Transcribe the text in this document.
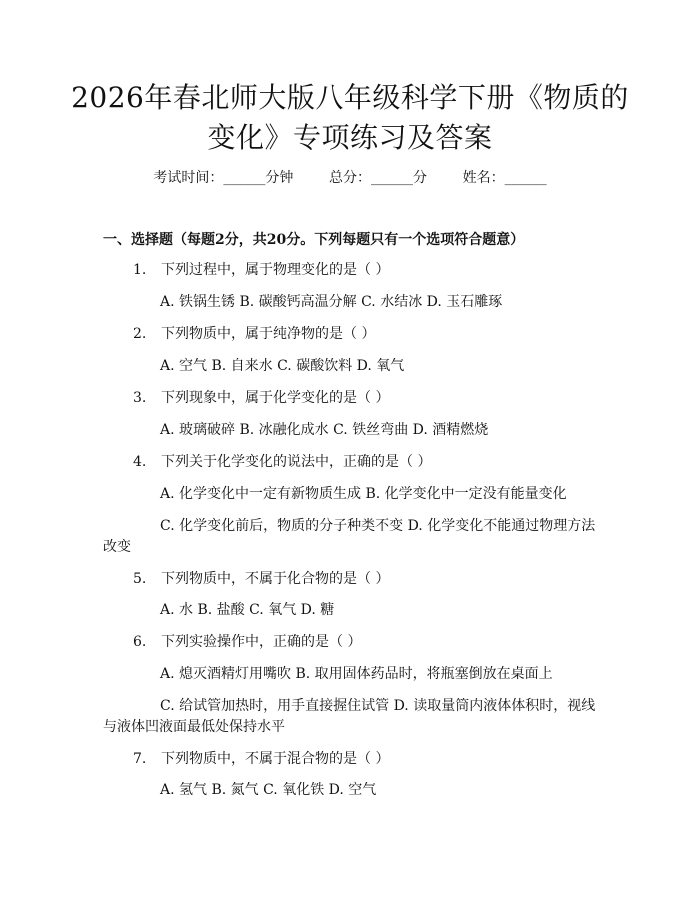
2026年春北师大版八年级科学下册《物质的
变化》专项练习及答案
考试时间：______分钟	总分：______分	姓名：______
一、选择题（每题2分，共20分。下列每题只有一个选项符合题意）
1. 下列过程中，属于物理变化的是（ ）
A. 铁锅生锈 B. 碳酸钙高温分解 C. 水结冰 D. 玉石雕琢
2. 下列物质中，属于纯净物的是（ ）
A. 空气 B. 自来水 C. 碳酸饮料 D. 氧气
3. 下列现象中，属于化学变化的是（ ）
A. 玻璃破碎 B. 冰融化成水 C. 铁丝弯曲 D. 酒精燃烧
4. 下列关于化学变化的说法中，正确的是（ ）
A. 化学变化中一定有新物质生成 B. 化学变化中一定没有能量变化
C. 化学变化前后，物质的分子种类不变 D. 化学变化不能通过物理方法
改变
5. 下列物质中，不属于化合物的是（ ）
A. 水 B. 盐酸 C. 氧气 D. 糖
6. 下列实验操作中，正确的是（ ）
A. 熄灭酒精灯用嘴吹 B. 取用固体药品时，将瓶塞倒放在桌面上
C. 给试管加热时，用手直接握住试管 D. 读取量筒内液体体积时，视线
与液体凹液面最低处保持水平
7. 下列物质中，不属于混合物的是（ ）
A. 氢气 B. 氮气 C. 氧化铁 D. 空气
